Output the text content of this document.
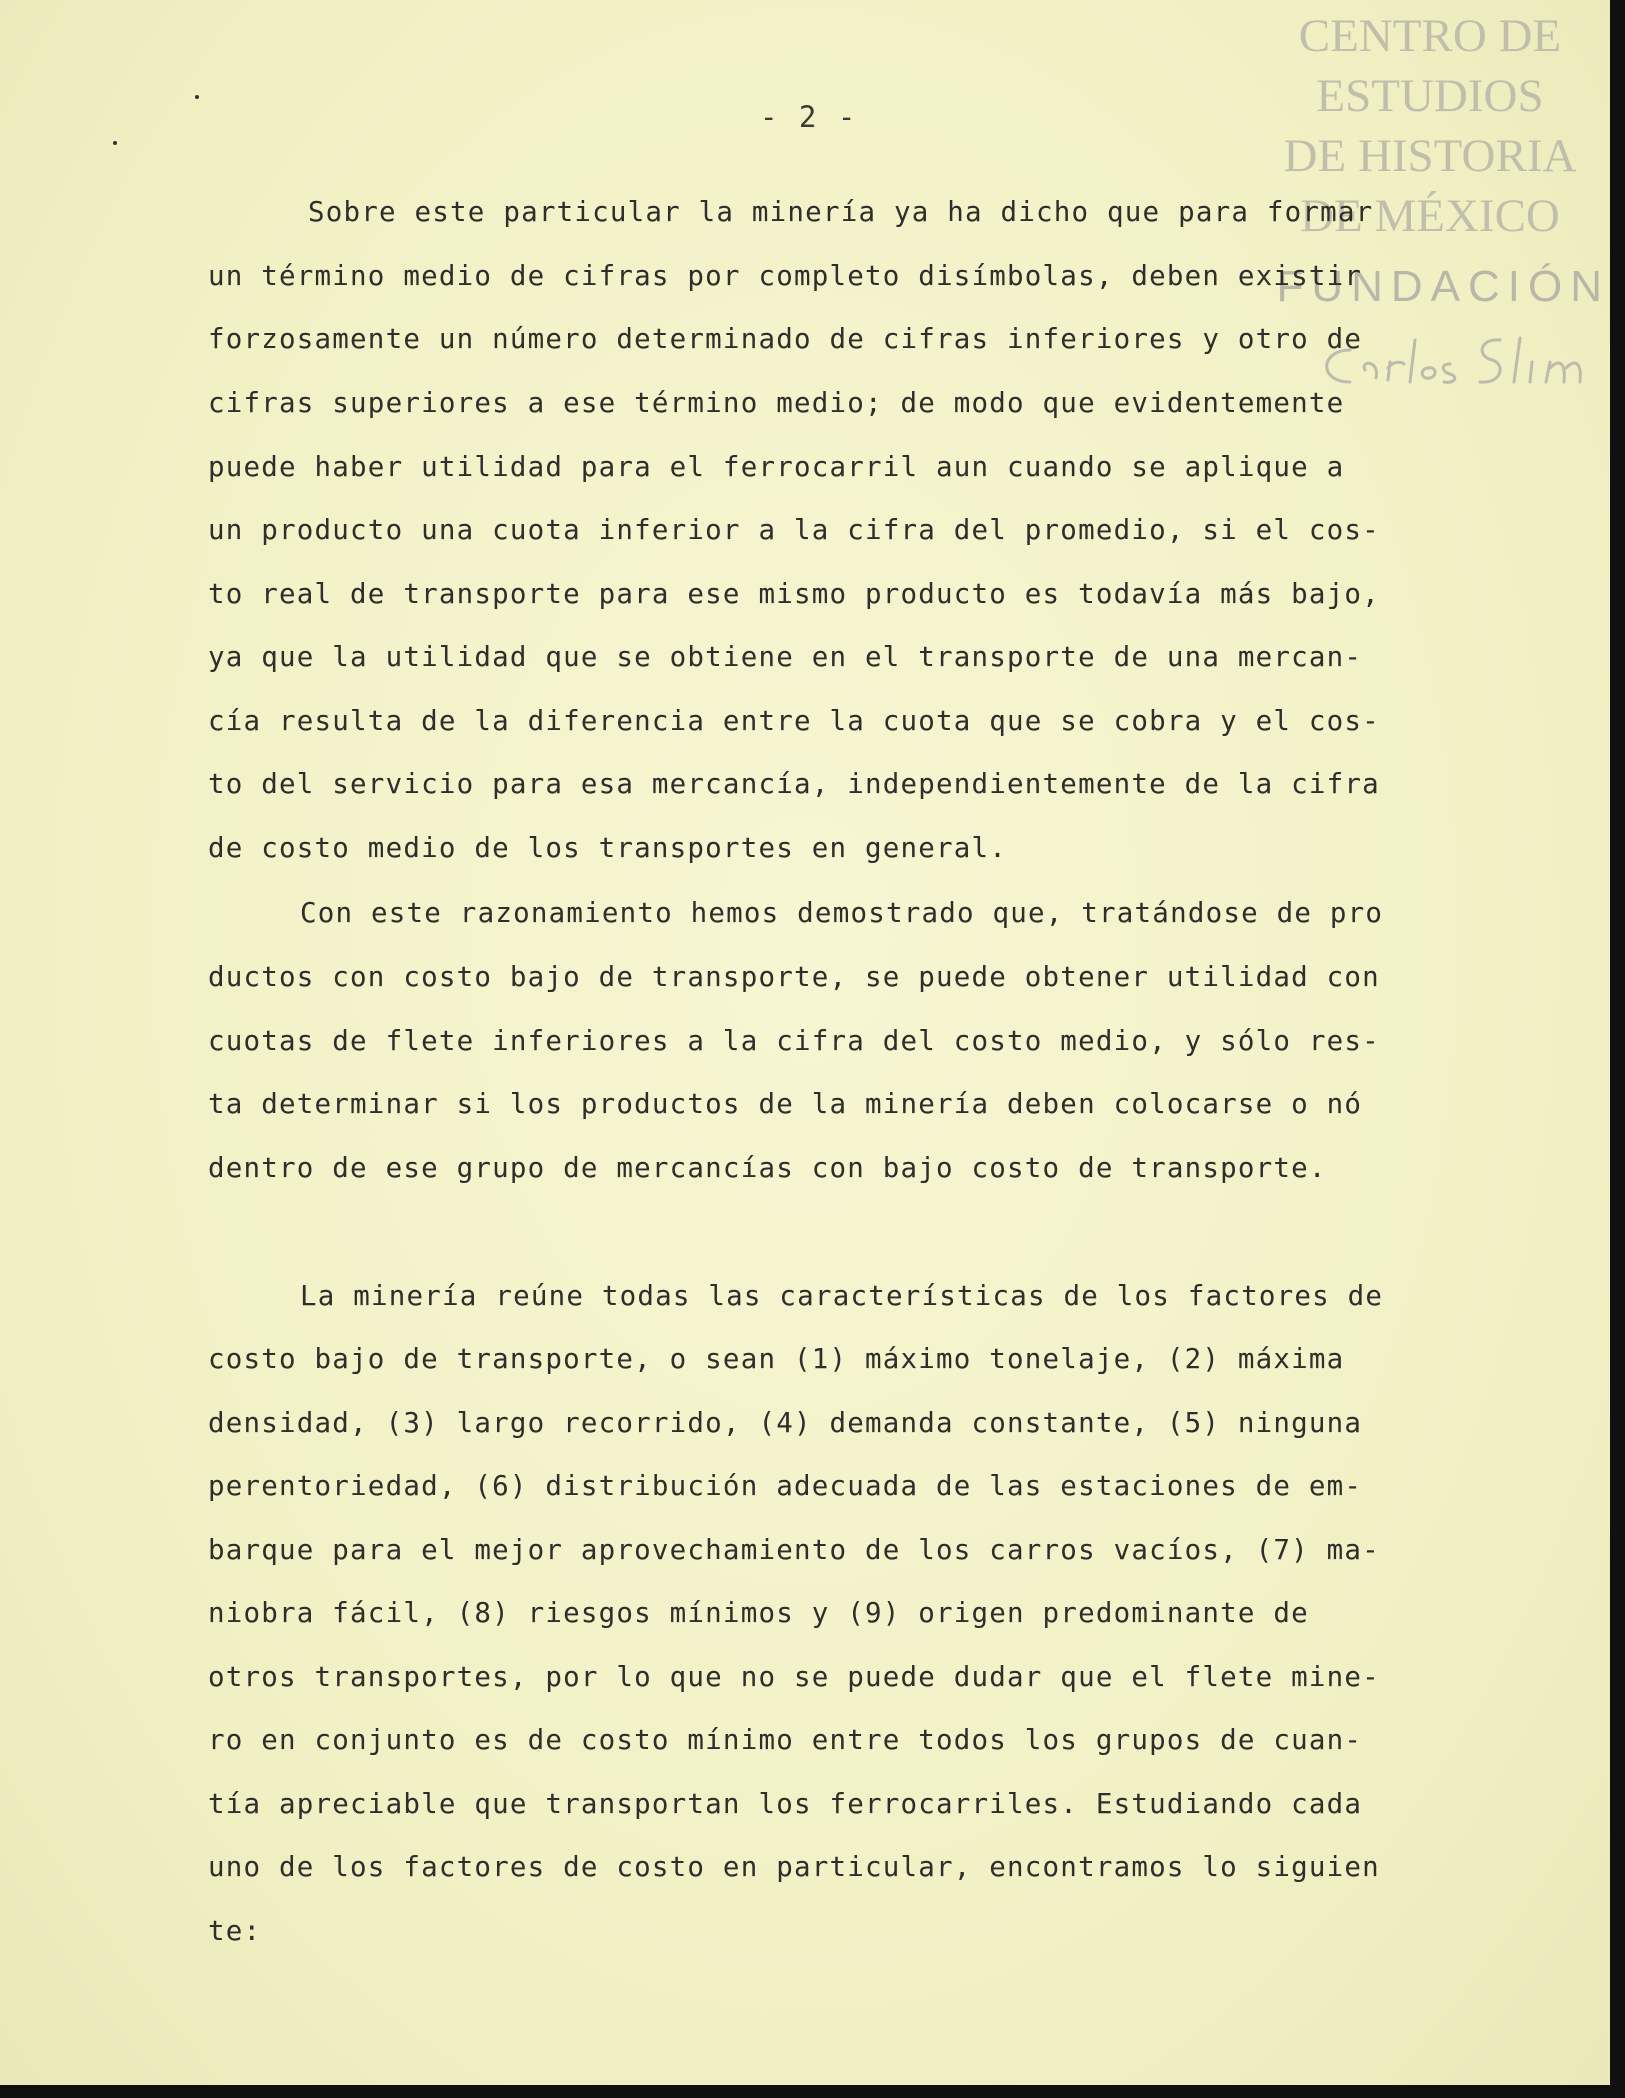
CENTRO DE
ESTUDIOS
DE HISTORIA
DE MÉXICO
FUNDACIÓN
- 2 -
Sobre este particular la minería ya ha dicho que para formar
un término medio de cifras por completo disímbolas, deben existir
forzosamente un número determinado de cifras inferiores y otro de
cifras superiores a ese término medio; de modo que evidentemente
puede haber utilidad para el ferrocarril aun cuando se aplique a
un producto una cuota inferior a la cifra del promedio, si el cos-
to real de transporte para ese mismo producto es todavía más bajo,
ya que la utilidad que se obtiene en el transporte de una mercan-
cía resulta de la diferencia entre la cuota que se cobra y el cos-
to del servicio para esa mercancía, independientemente de la cifra
de costo medio de los transportes en general.
Con este razonamiento hemos demostrado que, tratándose de pro
ductos con costo bajo de transporte, se puede obtener utilidad con
cuotas de flete inferiores a la cifra del costo medio, y sólo res-
ta determinar si los productos de la minería deben colocarse o nó
dentro de ese grupo de mercancías con bajo costo de transporte.
La minería reúne todas las características de los factores de
costo bajo de transporte, o sean (1) máximo tonelaje, (2) máxima
densidad, (3) largo recorrido, (4) demanda constante, (5) ninguna
perentoriedad, (6) distribución adecuada de las estaciones de em-
barque para el mejor aprovechamiento de los carros vacíos, (7) ma-
niobra fácil, (8) riesgos mínimos y (9) origen predominante de
otros transportes, por lo que no se puede dudar que el flete mine-
ro en conjunto es de costo mínimo entre todos los grupos de cuan-
tía apreciable que transportan los ferrocarriles. Estudiando cada
uno de los factores de costo en particular, encontramos lo siguien
te:
